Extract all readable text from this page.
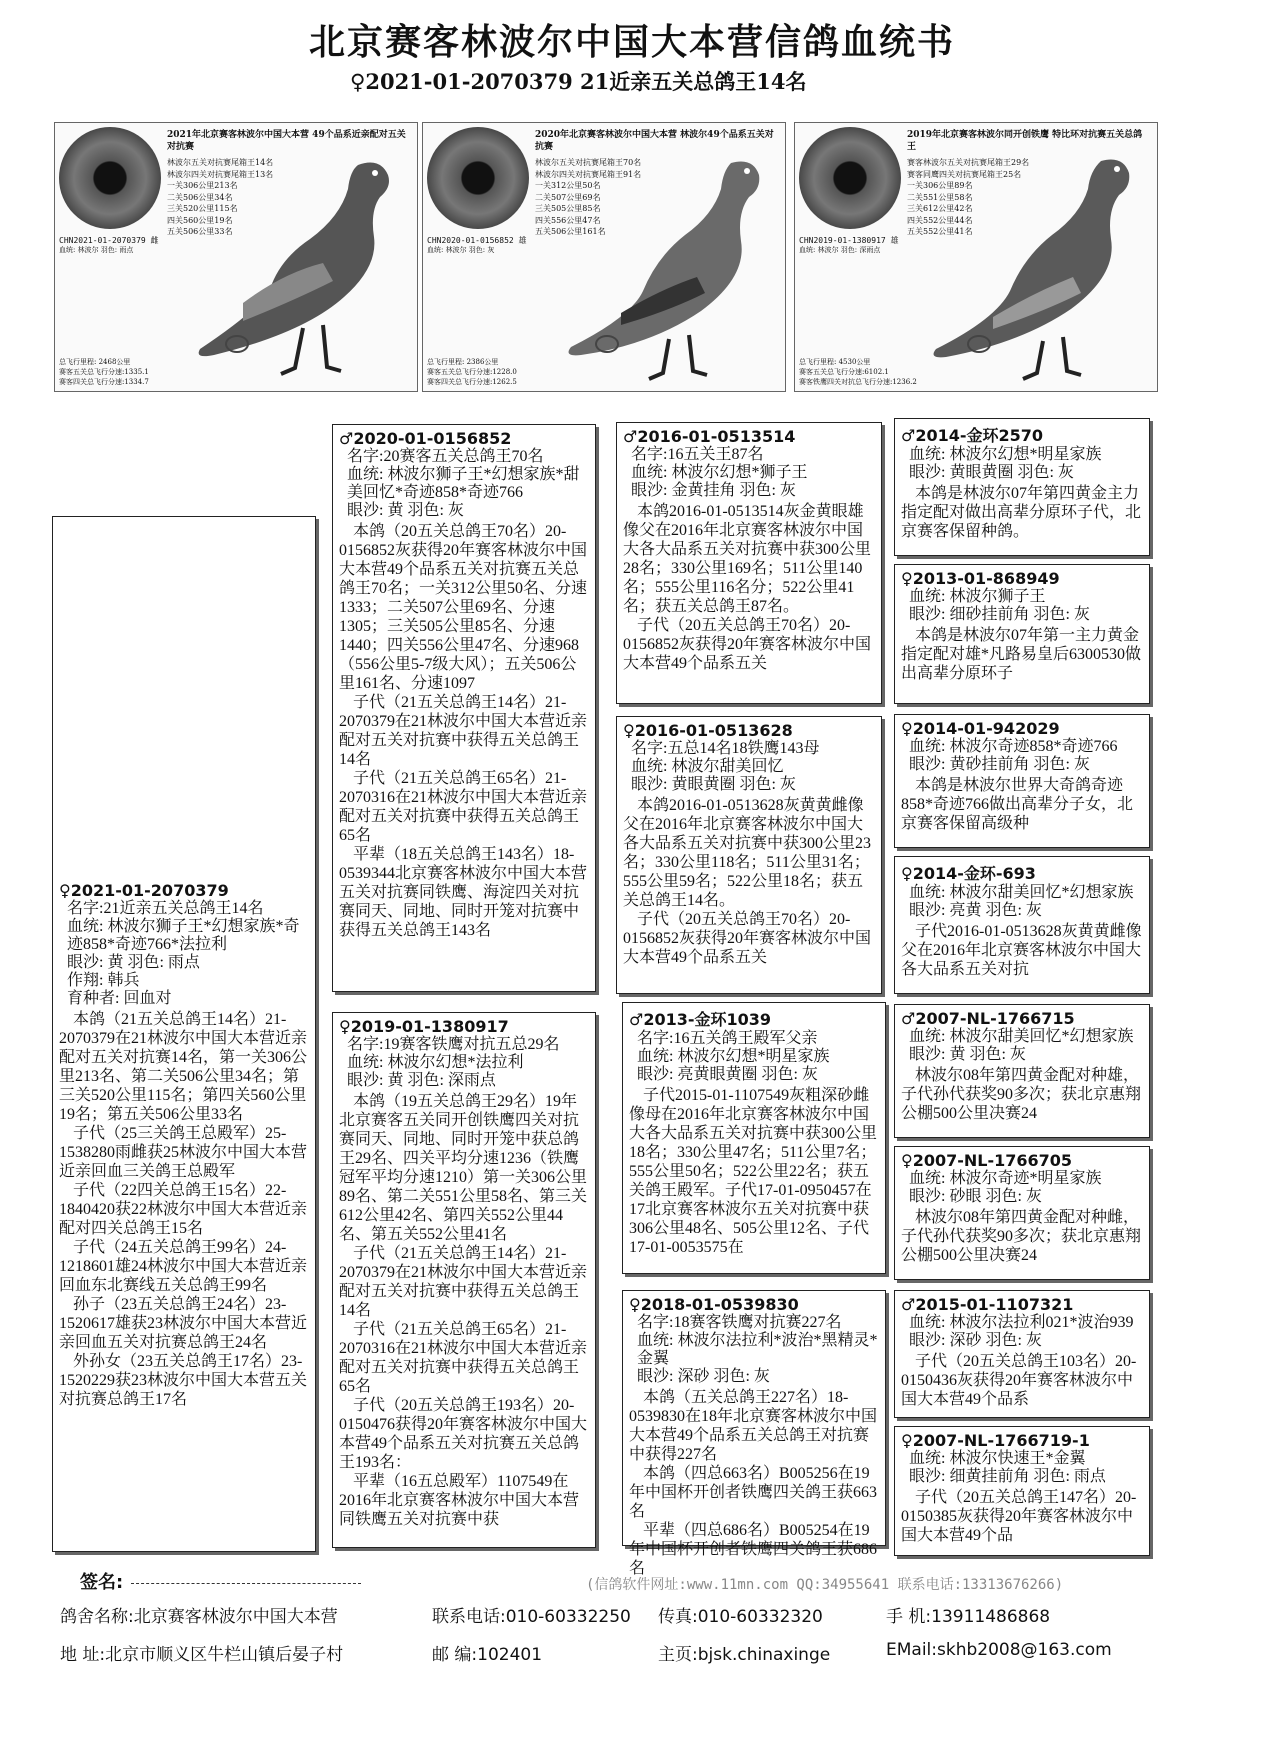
北京赛客林波尔中国大本营信鸽血统书
♀2021-01-2070379 21近亲五关总鸽王14名
2021年北京赛客林波尔中国大本营 49个品系近亲配对五关对抗赛
林波尔五关对抗赛尾箱王14名
林波尔四关对抗赛尾箱王13名
一关306公里213名
二关506公里34名
三关520公里115名
四关560公里19名
五关506公里33名
CHN2021-01-2070379 雌
血统: 林波尔 羽色: 雨点
总飞行里程: 2468公里
赛客五关总飞行分速:1335.1
赛客四关总飞行分速:1334.7
2020年北京赛客林波尔中国大本营 林波尔49个品系五关对抗赛
林波尔五关对抗赛尾箱王70名
林波尔四关对抗赛尾箱王91名
一关312公里50名
二关507公里69名
三关505公里85名
四关556公里47名
五关506公里161名
CHN2020-01-0156852 雄
血统: 林波尔 羽色: 灰
总飞行里程: 2386公里
赛客五关总飞行分速:1228.0
赛客四关总飞行分速:1262.5
2019年北京赛客林波尔同开创铁鹰 特比环对抗赛五关总鸽王
赛客林波尔五关对抗赛尾箱王29名
赛客同鹰四关对抗赛尾箱王25名
一关306公里89名
二关551公里58名
三关612公里42名
四关552公里44名
五关552公里41名
CHN2019-01-1380917 雄
血统: 林波尔 羽色: 深雨点
总飞行里程: 4530公里
赛客五关总飞行分速:6102.1
赛客铁鹰四关对抗总飞行分速:1236.2
♀2021-01-2070379
名字:21近亲五关总鸽王14名
血统: 林波尔狮子王*幻想家族*奇迹858*奇迹766*法拉利
眼沙: 黄 羽色: 雨点
作翔: 韩兵
育种者: 回血对

本鸽（21五关总鸽王14名）21-2070379在21林波尔中国大本营近亲配对五关对抗赛14名，第一关306公里213名、第二关506公里34名；第三关520公里115名；第四关560公里19名；第五关506公里33名

子代（25三关鸽王总殿军）25-1538280雨雌获25林波尔中国大本营近亲回血三关鸽王总殿军

子代（22四关总鸽王15名）22-1840420获22林波尔中国大本营近亲配对四关总鸽王15名

子代（24五关总鸽王99名）24-1218601雄24林波尔中国大本营近亲回血东北赛线五关总鸽王99名

孙子（23五关总鸽王24名）23-1520617雄获23林波尔中国大本营近亲回血五关对抗赛总鸽王24名

外孙女（23五关总鸽王17名）23-1520229获23林波尔中国大本营五关对抗赛总鸽王17名

♂2020-01-0156852
名字:20赛客五关总鸽王70名
血统: 林波尔狮子王*幻想家族*甜美回忆*奇迹858*奇迹766
眼沙: 黄 羽色: 灰

本鸽（20五关总鸽王70名）20-0156852灰获得20年赛客林波尔中国大本营49个品系五关对抗赛五关总鸽王70名；一关312公里50名、分速1333；二关507公里69名、分速1305；三关505公里85名、分速1440；四关556公里47名、分速968（556公里5-7级大风）；五关506公里161名、分速1097

子代（21五关总鸽王14名）21-2070379在21林波尔中国大本营近亲配对五关对抗赛中获得五关总鸽王14名

子代（21五关总鸽王65名）21-2070316在21林波尔中国大本营近亲配对五关对抗赛中获得五关总鸽王65名

平辈（18五关总鸽王143名）18-0539344北京赛客林波尔中国大本营五关对抗赛同铁鹰、海淀四关对抗赛同天、同地、同时开笼对抗赛中获得五关总鸽王143名

♀2019-01-1380917
名字:19赛客铁鹰对抗五总29名
血统: 林波尔幻想*法拉利
眼沙: 黄 羽色: 深雨点

本鸽（19五关总鸽王29名）19年北京赛客五关同开创铁鹰四关对抗赛同天、同地、同时开笼中获总鸽王29名、四关平均分速1236（铁鹰冠军平均分速1210）第一关306公里89名、第二关551公里58名、第三关612公里42名、第四关552公里44名、第五关552公里41名

子代（21五关总鸽王14名）21-2070379在21林波尔中国大本营近亲配对五关对抗赛中获得五关总鸽王14名

子代（21五关总鸽王65名）21-2070316在21林波尔中国大本营近亲配对五关对抗赛中获得五关总鸽王65名

子代（20五关总鸽王193名）20-0150476获得20年赛客林波尔中国大本营49个品系五关对抗赛五关总鸽王193名：

平辈（16五总殿军）1107549在2016年北京赛客林波尔中国大本营同铁鹰五关对抗赛中获

♂2016-01-0513514
名字:16五关王87名
血统: 林波尔幻想*狮子王
眼沙: 金黄挂角 羽色: 灰

本鸽2016-01-0513514灰金黄眼雄像父在2016年北京赛客林波尔中国大各大品系五关对抗赛中获300公里28名；330公里169名；511公里140名；555公里116名分；522公里41名；获五关总鸽王87名。

子代（20五关总鸽王70名）20-0156852灰获得20年赛客林波尔中国大本营49个品系五关

♀2016-01-0513628
名字:五总14名18铁鹰143母
血统: 林波尔甜美回忆
眼沙: 黄眼黄圈 羽色: 灰

本鸽2016-01-0513628灰黄黄雌像父在2016年北京赛客林波尔中国大各大品系五关对抗赛中获300公里23名；330公里118名；511公里31名；555公里59名；522公里18名；获五关总鸽王14名。

子代（20五关总鸽王70名）20-0156852灰获得20年赛客林波尔中国大本营49个品系五关

♂2013-金环1039
名字:16五关鸽王殿军父亲
血统: 林波尔幻想*明星家族
眼沙: 亮黄眼黄圈 羽色: 灰

子代2015-01-1107549灰粗深砂雌像母在2016年北京赛客林波尔中国大各大品系五关对抗赛中获300公里18名；330公里47名；511公里7名；555公里50名；522公里22名；获五关鸽王殿军。子代17-01-0950457在17北京赛客林波尔五关对抗赛中获306公里48名、505公里12名、子代17-01-0053575在

♀2018-01-0539830
名字:18赛客铁鹰对抗赛227名
血统: 林波尔法拉利*波治*黑精灵*金翼
眼沙: 深砂 羽色: 灰

本鸽（五关总鸽王227名）18-0539830在18年北京赛客林波尔中国大本营49个品系五关总鸽王对抗赛中获得227名

本鸽（四总663名）B005256在19年中国杯开创者铁鹰四关鸽王获663名

平辈（四总686名）B005254在19年中国杯开创者铁鹰四关鸽王获686名

♂2014-金环2570
血统: 林波尔幻想*明星家族
眼沙: 黄眼黄圈 羽色: 灰

本鸽是林波尔07年第四黄金主力指定配对做出高辈分原环子代，北京赛客保留种鸽。

♀2013-01-868949
血统: 林波尔狮子王
眼沙: 细砂挂前角 羽色: 灰

本鸽是林波尔07年第一主力黄金指定配对雄*凡路易皇后6300530做出高辈分原环子

♀2014-01-942029
血统: 林波尔奇迹858*奇迹766
眼沙: 黄砂挂前角 羽色: 灰

本鸽是林波尔世界大奇鸽奇迹858*奇迹766做出高辈分子女，北京赛客保留高级种

♀2014-金环-693
血统: 林波尔甜美回忆*幻想家族
眼沙: 亮黄 羽色: 灰

子代2016-01-0513628灰黄黄雌像父在2016年北京赛客林波尔中国大各大品系五关对抗

♂2007-NL-1766715
血统: 林波尔甜美回忆*幻想家族
眼沙: 黄 羽色: 灰

林波尔08年第四黄金配对种雄，子代孙代获奖90多次；获北京惠翔公棚500公里决赛24

♀2007-NL-1766705
血统: 林波尔奇迹*明星家族
眼沙: 砂眼 羽色: 灰

林波尔08年第四黄金配对种雌，子代孙代获奖90多次；获北京惠翔公棚500公里决赛24

♂2015-01-1107321
血统: 林波尔法拉利021*波治939
眼沙: 深砂 羽色: 灰

子代（20五关总鸽王103名）20-0150436灰获得20年赛客林波尔中国大本营49个品系

♀2007-NL-1766719-1
血统: 林波尔快速王*金翼
眼沙: 细黄挂前角 羽色: 雨点

子代（20五关总鸽王147名）20-0150385灰获得20年赛客林波尔中国大本营49个品

签名:	(信鸽软件网址:www.11mn.com QQ:34955641 联系电话:13313676266)
鸽舍名称:北京赛客林波尔中国大本营	联系电话:010-60332250 传真:010-60332320	手 机:13911486868
地 址:北京市顺义区牛栏山镇后晏子村	邮 编:102401	主页:bjsk.chinaxinge	EMail:skhb2008@163.com
